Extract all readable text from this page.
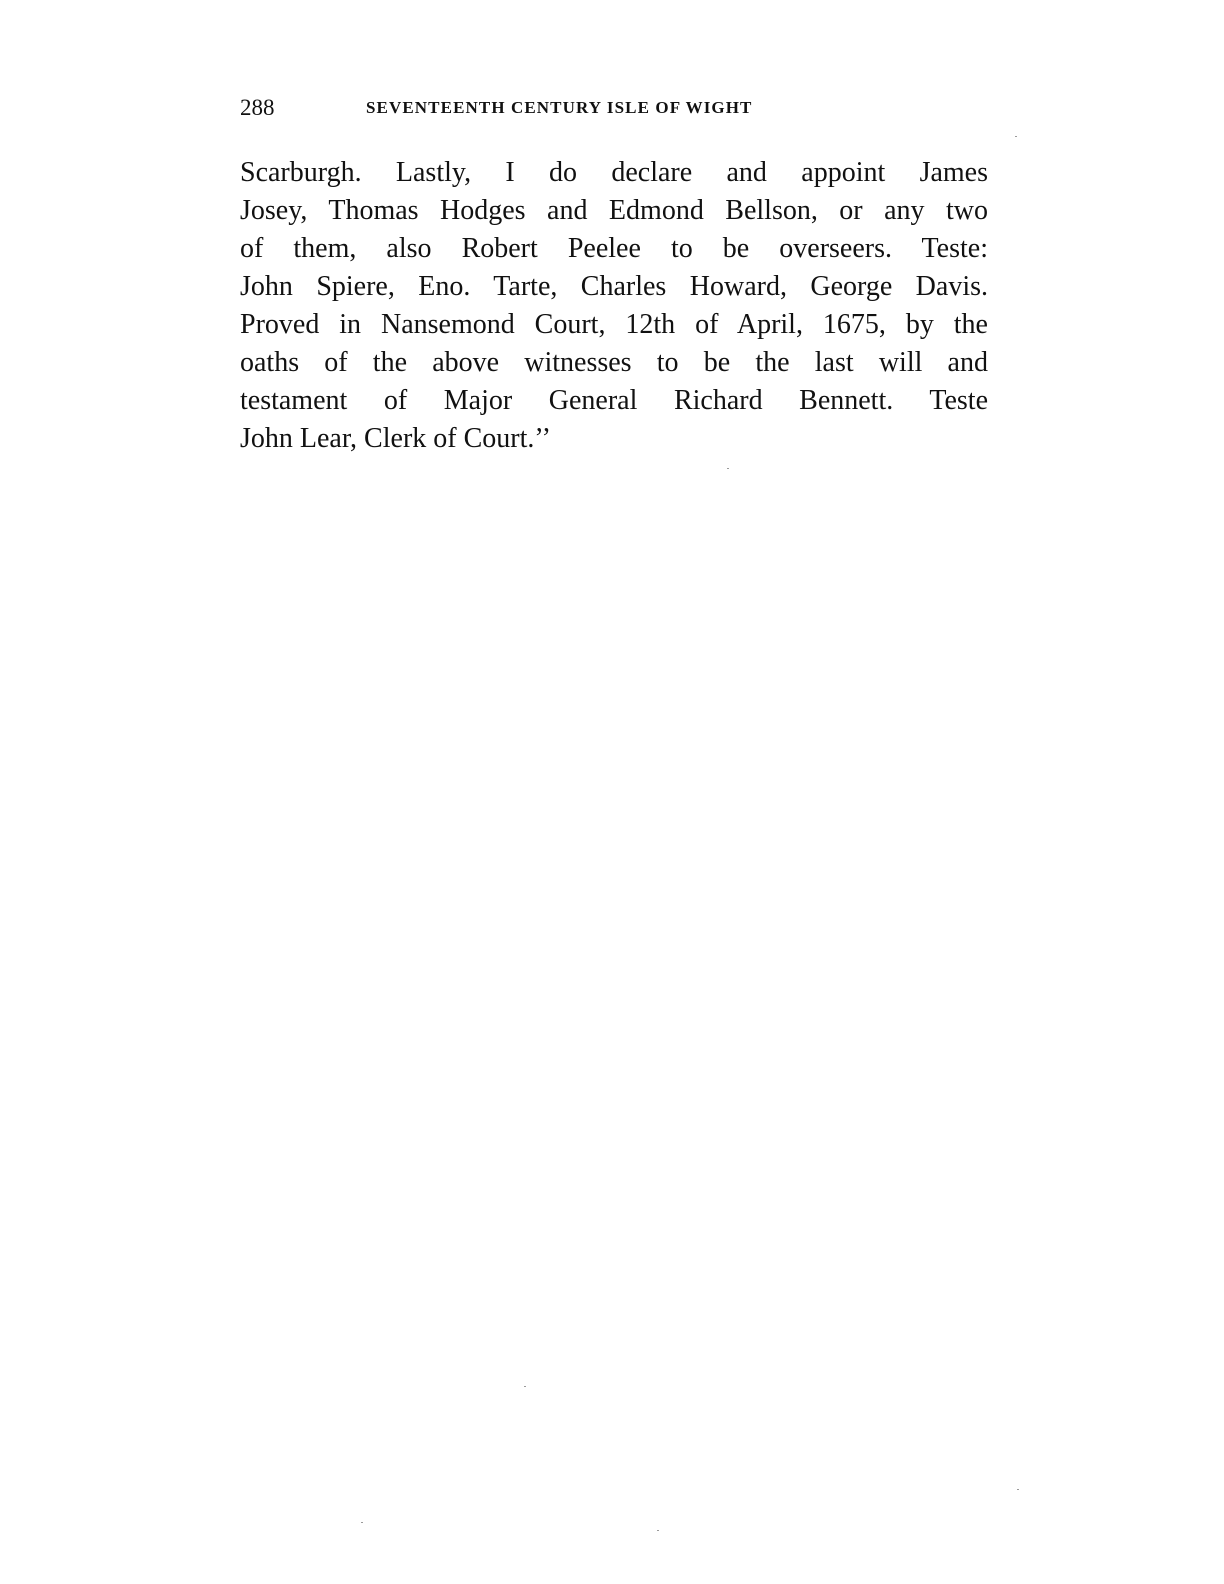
288	SEVENTEENTH CENTURY ISLE OF WIGHT
Scarburgh. Lastly, I do declare and appoint James
Josey, Thomas Hodges and Edmond Bellson, or any two
of them, also Robert Peelee to be overseers. Teste:
John Spiere, Eno. Tarte, Charles Howard, George Davis.
Proved in Nansemond Court, 12th of April, 1675, by the
oaths of the above witnesses to be the last will and
testament of Major General Richard Bennett. Teste
John Lear, Clerk of Court.’’
